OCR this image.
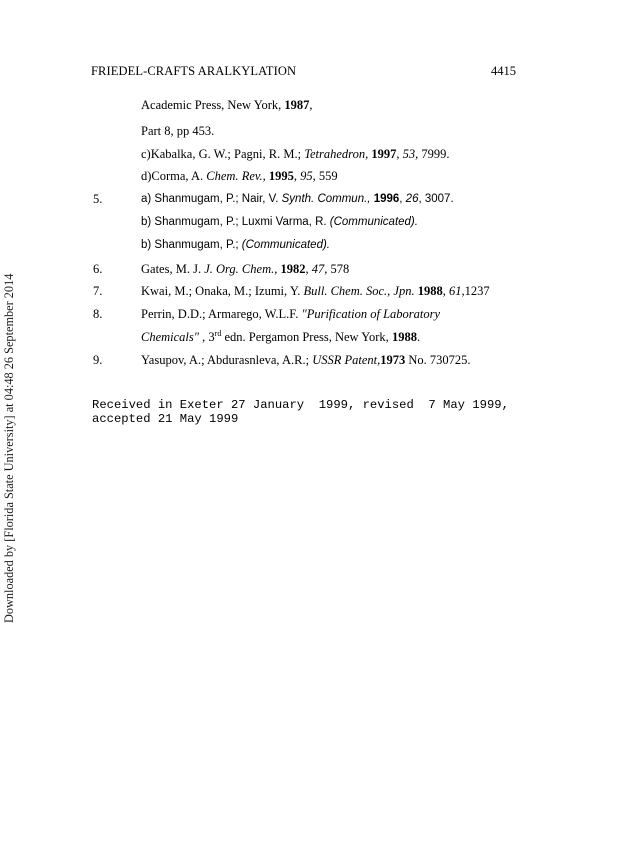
FRIEDEL-CRAFTS ARALKYLATION	4415
Academic Press, New York, 1987,
Part 8, pp 453.
c)Kabalka, G. W.; Pagni, R. M.; Tetrahedron, 1997, 53, 7999.
d)Corma, A. Chem. Rev., 1995, 95, 559
5.	a) Shanmugam, P.; Nair, V. Synth. Commun., 1996, 26, 3007.
b) Shanmugam, P.; Luxmi Varma, R. (Communicated).
b) Shanmugam, P.; (Communicated).
6.	Gates, M. J. J. Org. Chem., 1982, 47, 578
7.	Kwai, M.; Onaka, M.; Izumi, Y. Bull. Chem. Soc., Jpn. 1988, 61,1237
8.	Perrin, D.D.; Armarego, W.L.F. "Purification of Laboratory
Chemicals" , 3rd edn. Pergamon Press, New York, 1988.
9.	Yasupov, A.; Abdurasnleva, A.R.; USSR Patent,1973 No. 730725.
Received in Exeter 27 January  1999, revised  7 May 1999,
accepted 21 May 1999
Downloaded by [Florida State University] at 04:48 26 September 2014
